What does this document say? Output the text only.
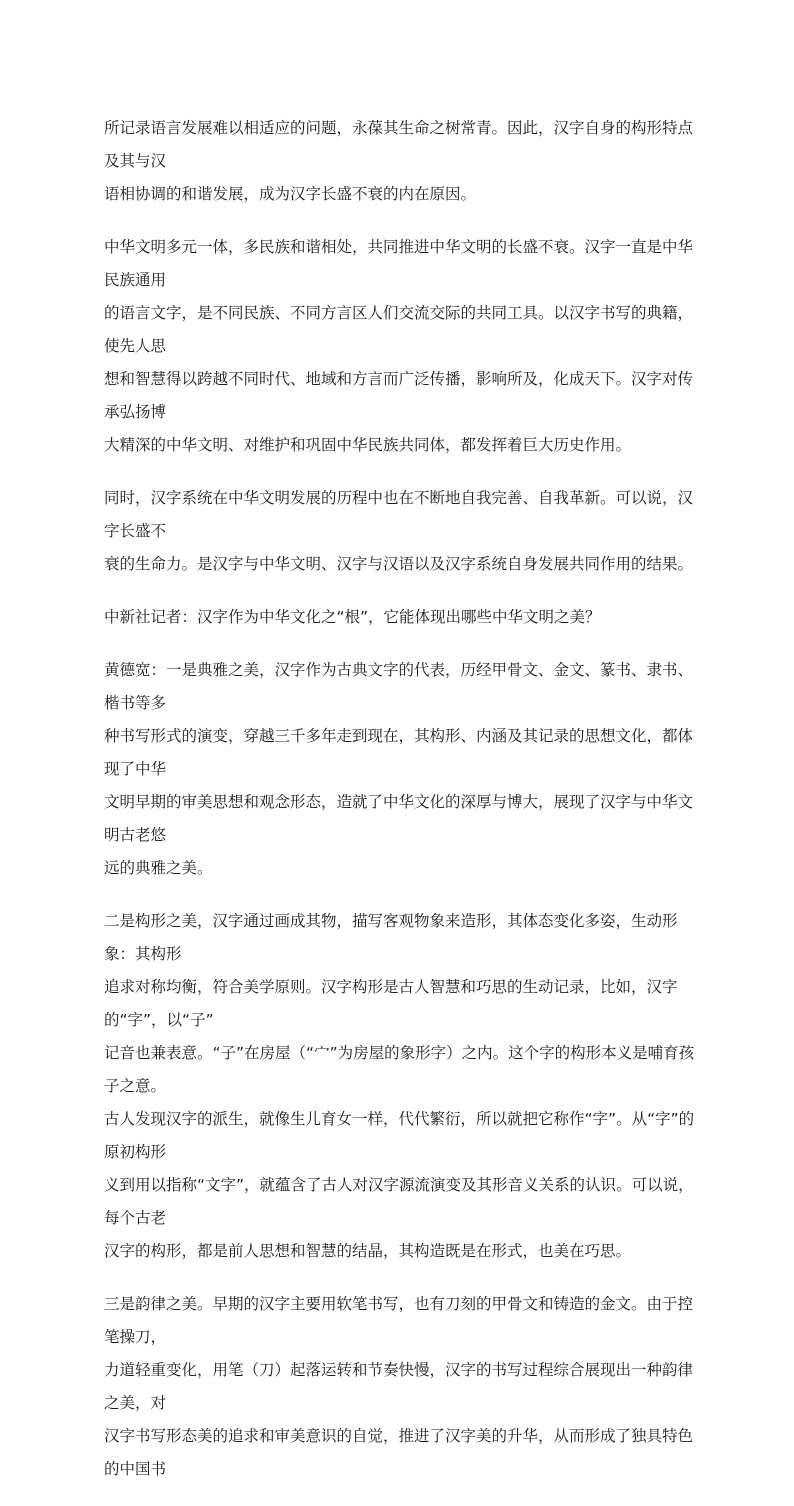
所记录语言发展难以相适应的问题，永葆其生命之树常青。因此，汉字自身的构形特点及其与汉
语相协调的和谐发展，成为汉字长盛不衰的内在原因。

中华文明多元一体，多民族和谐相处，共同推进中华文明的长盛不衰。汉字一直是中华民族通用
的语言文字，是不同民族、不同方言区人们交流交际的共同工具。以汉字书写的典籍，使先人思
想和智慧得以跨越不同时代、地域和方言而广泛传播，影响所及，化成天下。汉字对传承弘扬博
大精深的中华文明、对维护和巩固中华民族共同体，都发挥着巨大历史作用。

同时，汉字系统在中华文明发展的历程中也在不断地自我完善、自我革新。可以说，汉字长盛不
衰的生命力。是汉字与中华文明、汉字与汉语以及汉字系统自身发展共同作用的结果。

中新社记者：汉字作为中华文化之“根”，它能体现出哪些中华文明之美？

黄德宽：一是典雅之美，汉字作为古典文字的代表，历经甲骨文、金文、篆书、隶书、楷书等多
种书写形式的演变，穿越三千多年走到现在，其构形、内涵及其记录的思想文化，都体现了中华
文明早期的审美思想和观念形态，造就了中华文化的深厚与博大，展现了汉字与中华文明古老悠
远的典雅之美。

二是构形之美，汉字通过画成其物，描写客观物象来造形，其体态变化多姿，生动形象：其构形
追求对称均衡，符合美学原则。汉字构形是古人智慧和巧思的生动记录，比如，汉字的“字”，以“子”
记音也兼表意。“子”在房屋（“宀”为房屋的象形字）之内。这个字的构形本义是哺育孩子之意。
古人发现汉字的派生，就像生儿育女一样，代代繁衍，所以就把它称作“字”。从“字”的原初构形
义到用以指称“文字”，就蕴含了古人对汉字源流演变及其形音义关系的认识。可以说，每个古老
汉字的构形，都是前人思想和智慧的结晶，其构造既是在形式，也美在巧思。

三是韵律之美。早期的汉字主要用软笔书写，也有刀刻的甲骨文和铸造的金文。由于控笔操刀，
力道轻重变化，用笔（刀）起落运转和节奏快慢，汉字的书写过程综合展现出一种韵律之美，对
汉字书写形态美的追求和审美意识的自觉，推进了汉字美的升华，从而形成了独具特色的中国书
